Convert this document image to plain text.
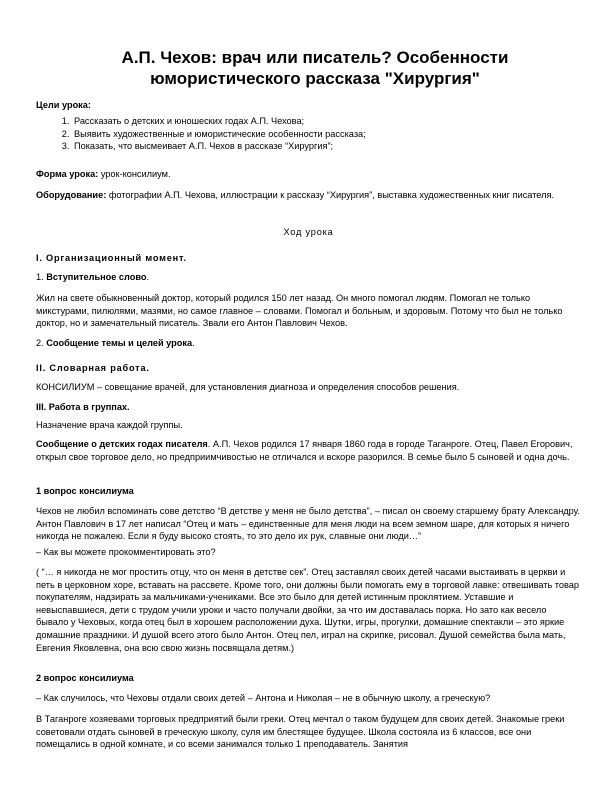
А.П. Чехов: врач или писатель? Особенности
юмористического рассказа "Хирургия"

Цели урока:

1. Рассказать о детских и юношеских годах А.П. Чехова;
2. Выявить художественные и юмористические особенности рассказа;
3. Показать, что высмеивает А.П. Чехов в рассказе “Хирургия”;

Форма урока: урок-консилиум.

Оборудование: фотографии А.П. Чехова, иллюстрации к рассказу “Хирургия”, выставка художественных книг писателя.

Ход урока

I. Организационный момент.

1. Вступительное слово.

Жил на свете обыкновенный доктор, который родился 150 лет назад. Он много помогал людям. Помогал не только микстурами, пилюлями, мазями, но самое главное – словами. Помогал и больным, и здоровым. Потому что был не только доктор, но и замечательный писатель. Звали его Антон Павлович Чехов.

2. Сообщение темы и целей урока.

II. Словарная работа.

КОНСИЛИУМ – совещание врачей, для установления диагноза и определения способов решения.

III. Работа в группах.

Назначение врача каждой группы.

Сообщение о детских годах писателя. А.П. Чехов родился 17 января 1860 года в городе Таганроге. Отец, Павел Егорович, открыл свое торговое дело, но предприимчивостью не отличался и вскоре разорился. В семье было 5 сыновей и одна дочь.

1 вопрос консилиума

Чехов не любил вспоминать сове детство “В детстве у меня не было детства”, – писал он своему старшему брату Александру. Антон Павлович в 17 лет написал “Отец и мать – единственные для меня люди на всем земном шаре, для которых я ничего никогда не пожалею. Если я буду высоко стоять, то это дело их рук, славные они люди…”

– Как вы можете прокомментировать это?

( “… я никогда не мог простить отцу, что он меня в детстве сек”. Отец заставлял своих детей часами выстаивать в церкви и петь в церковном хоре, вставать на рассвете. Кроме того, они должны были помогать ему в торговой лавке: отвешивать товар покупателям, надзирать за мальчиками-учениками. Все это было для детей истинным проклятием. Уставшие и невыспавшиеся, дети с трудом учили уроки и часто получали двойки, за что им доставалась порка. Но зато как весело бывало у Чеховых, когда отец был в хорошем расположении духа. Шутки, игры, прогулки, домашние спектакли – это яркие домашние праздники. И душой всего этого было Антон. Отец пел, играл на скрипке, рисовал. Душой семейства была мать, Евгения Яковлевна, она всю свою жизнь посвящала детям.)

2 вопрос консилиума

– Как случилось, что Чеховы отдали своих детей – Антона и Николая – не в обычную школу, а греческую?

В Таганроге хозяевами торговых предприятий были греки. Отец мечтал о таком будущем для своих детей. Знакомые греки советовали отдать сыновей в греческую школу, суля им блестящее будущее. Школа состояла из 6 классов, все они помещались в одной комнате, и со всеми занимался только 1 преподаватель. Занятия
